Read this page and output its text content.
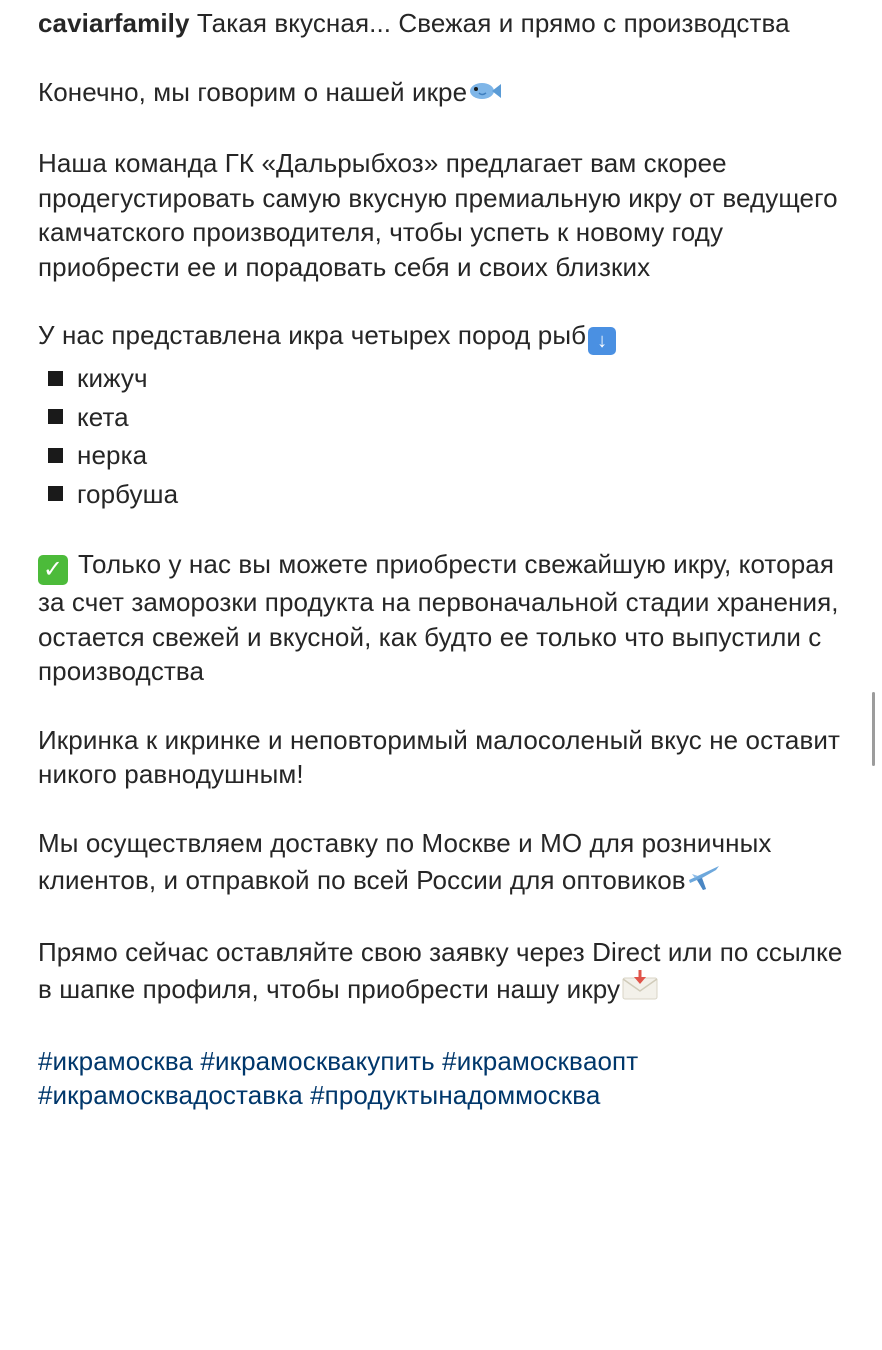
caviarfamily Такая вкусная... Свежая и прямо с производства

Конечно, мы говорим о нашей икре

Наша команда ГК «Дальрыбхоз» предлагает вам скорее продегустировать самую вкусную премиальную икру от ведущего камчатского производителя, чтобы успеть к новому году приобрести ее и порадовать себя и своих близких

У нас представлена икра четырех пород рыб ↓

кижуч
кета
нерка
горбуша

✓ Только у нас вы можете приобрести свежайшую икру, которая за счет заморозки продукта на первоначальной стадии хранения, остается свежей и вкусной, как будто ее только что выпустили с производства

Икринка к икринке и неповторимый малосоленый вкус не оставит никого равнодушным!

Мы осуществляем доставку по Москве и МО для розничных клиентов, и отправкой по всей России для оптовиков

Прямо сейчас оставляйте свою заявку через Direct или по ссылке в шапке профиля, чтобы приобрести нашу икру

#икрамосква #икрамосквакупить #икрамосквaопт
#икрамосквадоставка #продуктынадоммосква
